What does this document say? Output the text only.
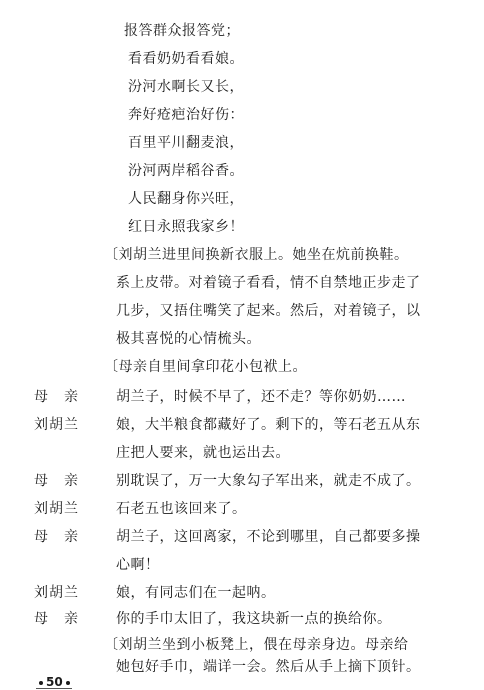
报答群众报答党；
看看奶奶看看娘。
汾河水啊长又长，
奔好疮疤治好伤：
百里平川翻麦浪，
汾河两岸稻谷香。
人民翻身你兴旺，
红日永照我家乡！
〔刘胡兰进里间换新衣服上。她坐在炕前换鞋。
系上皮带。对着镜子看看，情不自禁地正步走了
几步，又捂住嘴笑了起来。然后，对着镜子，以
极其喜悦的心情梳头。
〔母亲自里间拿印花小包袱上。
50
母　亲	胡兰子，时候不早了，还不走？等你奶奶……
刘胡兰	娘，大半粮食都藏好了。剩下的，等石老五从东
庄把人要来，就也运出去。
母　亲	别耽误了，万一大象勾子军出来，就走不成了。
刘胡兰	石老五也该回来了。
母　亲	胡兰子，这回离家，不论到哪里，自己都要多操
心啊！
刘胡兰	娘，有同志们在一起呐。
母　亲	你的手巾太旧了，我这块新一点的换给你。
〔刘胡兰坐到小板凳上，偎在母亲身边。母亲给
她包好手巾，端详一会。然后从手上摘下顶针。
